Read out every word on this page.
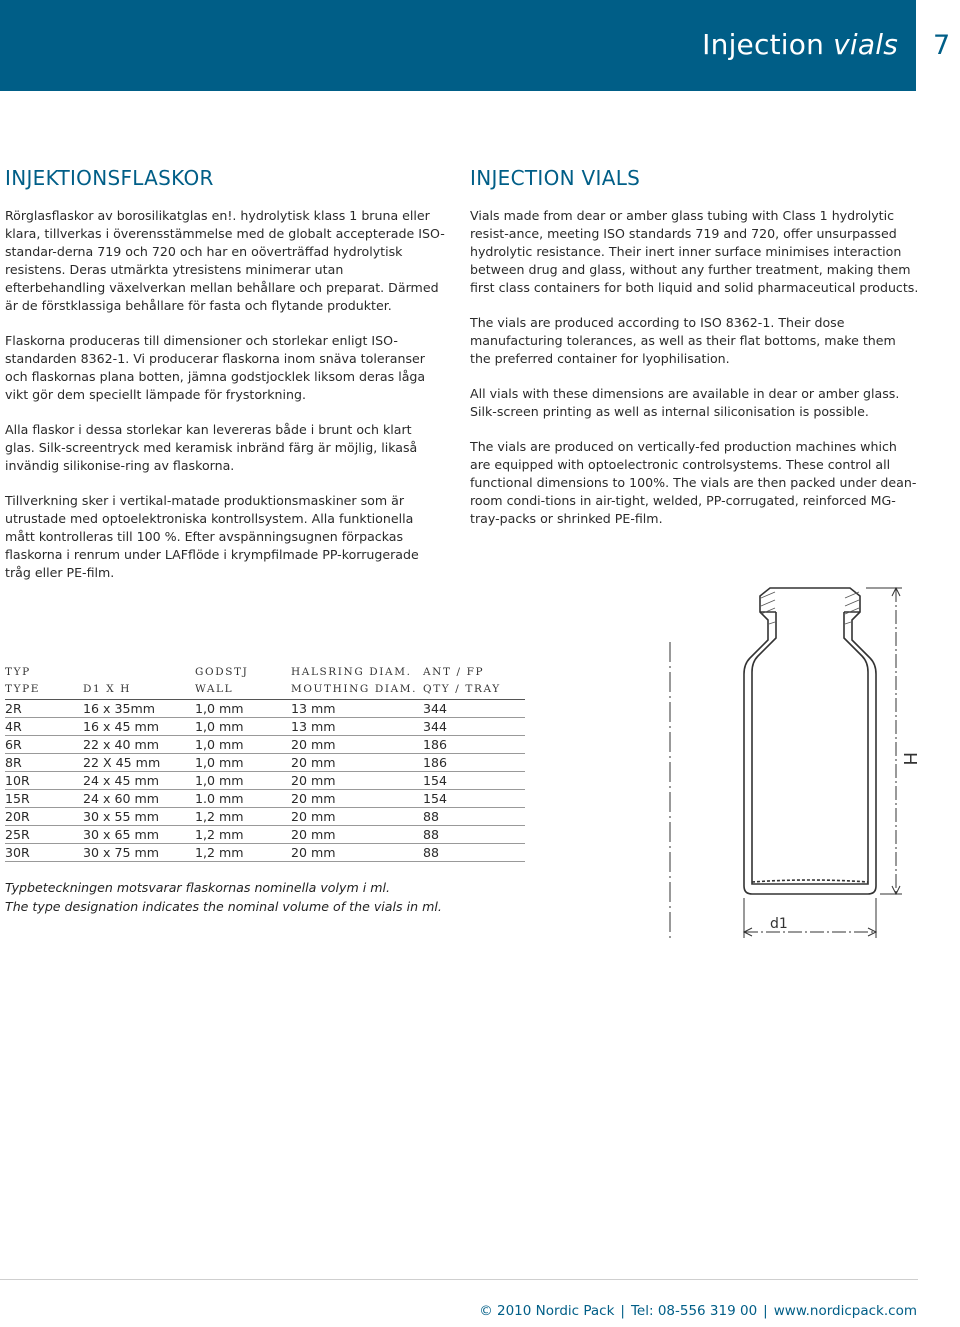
Injection vials 7
INJEKTIONSFLASKOR

Rörglasflaskor av borosilikatglas en!. hydrolytisk klass 1 bruna eller klara, tillverkas i överensstämmelse med de globalt accepterade ISO-standar-derna 719 och 720 och har en oöverträffad hydrolytisk resistens. Deras utmärkta ytresistens minimerar utan efterbehandling växelverkan mellan behållare och preparat. Därmed är de förstklassiga behållare för fasta och flytande produkter.

Flaskorna produceras till dimensioner och storlekar enligt ISO-standarden 8362-1. Vi producerar flaskorna inom snäva toleranser och flaskornas plana botten, jämna godstjocklek liksom deras låga vikt gör dem speciellt lämpade för frystorkning.

Alla flaskor i dessa storlekar kan levereras både i brunt och klart glas. Silk-screentryck med keramisk inbränd färg är möjlig, likaså invändig silikonise-ring av flaskorna.

Tillverkning sker i vertikal-matade produktionsmaskiner som är utrustade med optoelektroniska kontrollsystem. Alla funktionella mått kontrolleras till 100 %. Efter avspänningsugnen förpackas flaskorna i renrum under LAFflöde i krympfilmade PP-korrugerade tråg eller PE-film.

INJECTION VIALS

Vials made from dear or amber glass tubing with Class 1 hydrolytic resist-ance, meeting ISO standards 719 and 720, offer unsurpassed hydrolytic resistance. Their inert inner surface minimises interaction between drug and glass, without any further treatment, making them first class containers for both liquid and solid pharmaceutical products.

The vials are produced according to ISO 8362-1. Their dose manufacturing tolerances, as well as their flat bottoms, make them the preferred container for lyophilisation.

All vials with these dimensions are available in dear or amber glass. Silk-screen printing as well as internal siliconisation is possible.

The vials are produced on vertically-fed production machines which are equipped with optoelectronic controlsystems. These control all functional dimensions to 100%. The vials are then packed under dean-room condi-tions in air-tight, welded, PP-corrugated, reinforced MG-tray-packs or shrinked PE-film.

TYP		GODSTJ	HALSRING DIAM.	ANT / FP
TYPE	D1 X H	WALL	MOUTHING DIAM.	QTY / TRAY
2R	16 x 35mm	1,0 mm	13 mm	344
4R	16 x 45 mm	1,0 mm	13 mm	344
6R	22 x 40 mm	1,0 mm	20 mm	186
8R	22 X 45 mm	1,0 mm	20 mm	186
10R	24 x 45 mm	1,0 mm	20 mm	154
15R	24 x 60 mm	1.0 mm	20 mm	154
20R	30 x 55 mm	1,2 mm	20 mm	88
25R	30 x 65 mm	1,2 mm	20 mm	88
30R	30 x 75 mm	1,2 mm	20 mm	88
Typbeteckningen motsvarar flaskornas nominella volym i ml.
The type designation indicates the nominal volume of the vials in ml.
H
d1
© 2010 Nordic Pack | Tel: 08-556 319 00 | www.nordicpack.com
